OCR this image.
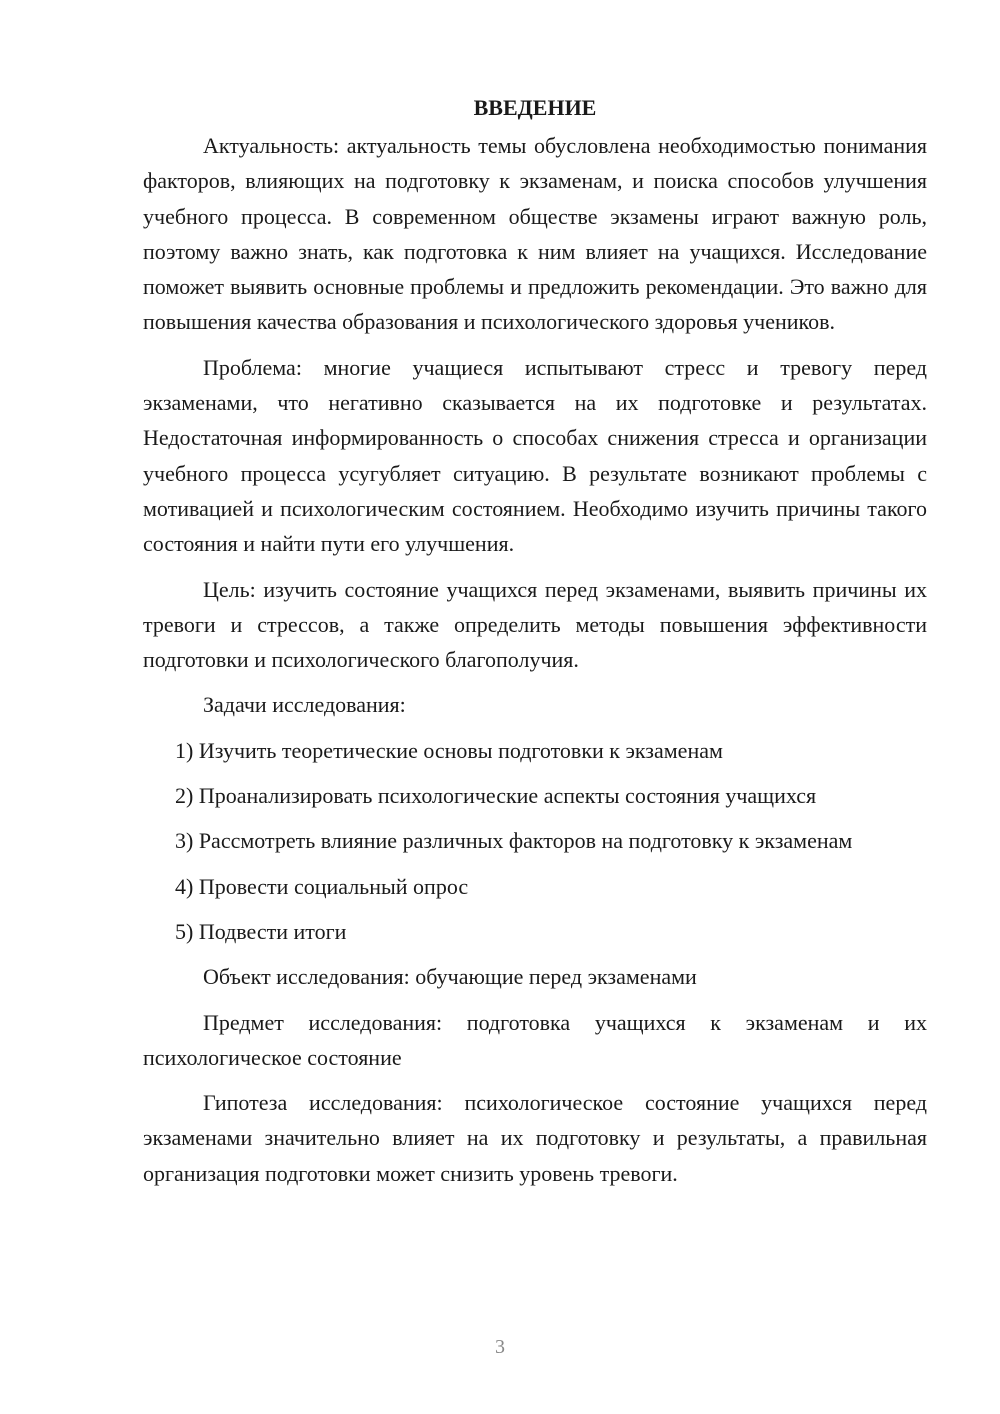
ВВЕДЕНИЕ

Актуальность: актуальность темы обусловлена необходимостью понимания факторов, влияющих на подготовку к экзаменам, и поиска способов улучшения учебного процесса. В современном обществе экзамены играют важную роль, поэтому важно знать, как подготовка к ним влияет на учащихся. Исследование поможет выявить основные проблемы и предложить рекомендации. Это важно для повышения качества образования и психологического здоровья учеников.

Проблема: многие учащиеся испытывают стресс и тревогу перед экзаменами, что негативно сказывается на их подготовке и результатах. Недостаточная информированность о способах снижения стресса и организации учебного процесса усугубляет ситуацию. В результате возникают проблемы с мотивацией и психологическим состоянием. Необходимо изучить причины такого состояния и найти пути его улучшения.

Цель: изучить состояние учащихся перед экзаменами, выявить причины их тревоги и стрессов, а также определить методы повышения эффективности подготовки и психологического благополучия.

Задачи исследования:

1) Изучить теоретические основы подготовки к экзаменам

2) Проанализировать психологические аспекты состояния учащихся

3) Рассмотреть влияние различных факторов на подготовку к экзаменам

4) Провести социальный опрос

5) Подвести итоги

Объект исследования: обучающие перед экзаменами

Предмет исследования: подготовка учащихся к экзаменам и их психологическое состояние

Гипотеза исследования: психологическое состояние учащихся перед экзаменами значительно влияет на их подготовку и результаты, а правильная организация подготовки может снизить уровень тревоги.

3
